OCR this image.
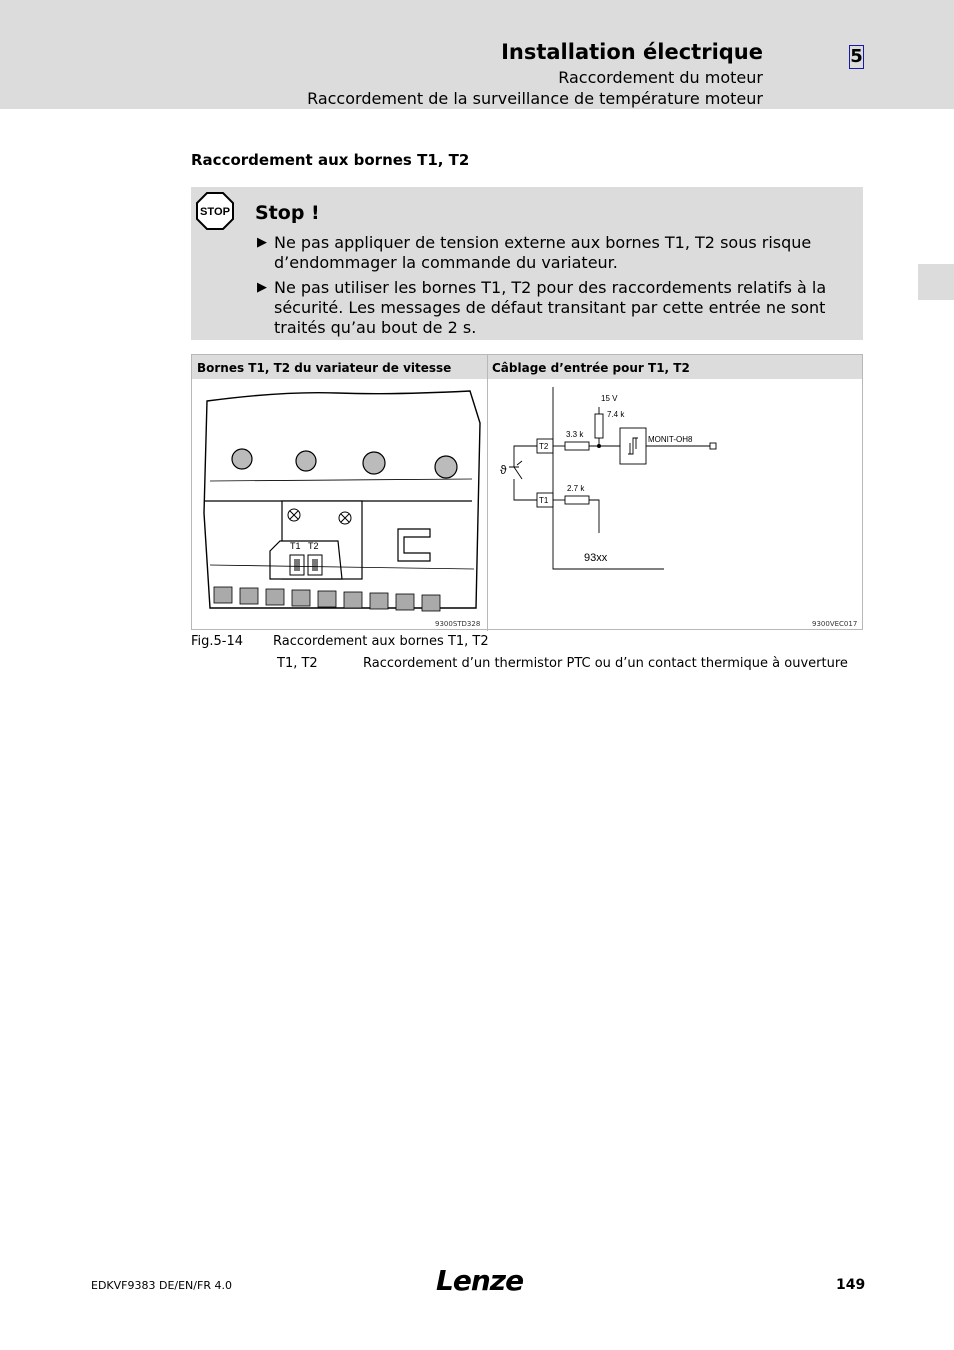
Installation électrique	5
Raccordement du moteur
Raccordement de la surveillance de température moteur
Raccordement aux bornes T1, T2
STOP Stop !
▶ Ne pas appliquer de tension externe aux bornes T1, T2 sous risque d’endommager la commande du variateur.
▶ Ne pas utiliser les bornes T1, T2 pour des raccordements relatifs à la sécurité. Les messages de défaut transitant par cette entrée ne sont traités qu’au bout de 2 s.
Bornes T1, T2 du variateur de vitesse	Câblage d’entrée pour T1, T2
T1 T2
9300STD328
15 V
7.4 k
3.3 k
2.7 k
T2
T1
MONIT-OH8
93xx
ϑ
9300VEC017
Fig.5-14 Raccordement aux bornes T1, T2
T1, T2	Raccordement d’un thermistor PTC ou d’un contact thermique à ouverture
EDKVF9383 DE/EN/FR 4.0	Lenze	149
